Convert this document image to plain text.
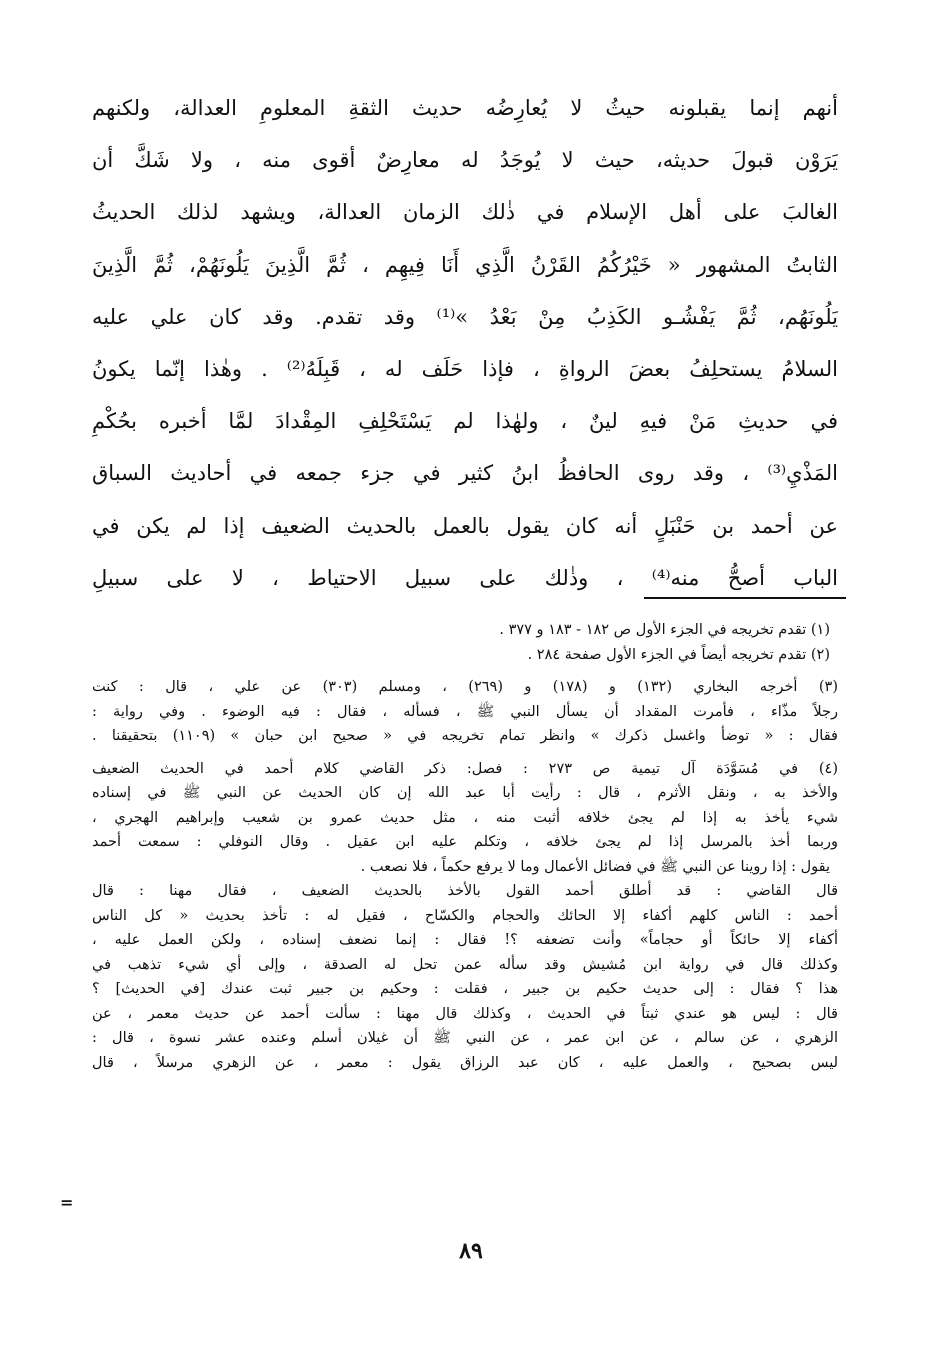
أنهم إنما يقبلونه حيثُ لا يُعارِضُه حديث الثقةِ المعلومِ العدالة، ولكنهم
يَرَوْن قبولَ حديثه، حيث لا يُوجَدُ له معارِضٌ أقوى منه ، ولا شَكَّ أن
الغالبَ على أهل الإسلام في ذٰلك الزمان العدالة، ويشهد لذلك الحديثُ
الثابتُ المشهور « خَيْرُكُمُ القَرْنُ الَّذِي أَنَا فِيهِم ، ثُمَّ الَّذِينَ يَلُونَهُمْ، ثُمَّ الَّذِينَ
يَلُونَهُم، ثُمَّ يَفْشُـو الكَذِبُ مِنْ بَعْدُ »⁽¹⁾ وقد تقدم. وقد كان علي عليه
السلامُ يستحلِفُ بعضَ الرواةِ ، فإذا حَلَف له ، قَبِلَهُ⁽²⁾ . وهٰذا إنّما يكونُ
في حديثِ مَنْ فيهِ لينٌ ، ولهٰذا لم يَسْتَحْلِفِ المِقْدادَ لمَّا أخبره بحُكْمِ
المَذْيِ⁽³⁾ ، وقد روى الحافظُ ابنُ كثير في جزء جمعه في أحاديث السباق
عن أحمد بن حَنْبَلٍ أنه كان يقول بالعمل بالحديث الضعيف إذا لم يكن في
الباب أصحُّ منه⁽⁴⁾ ، وذٰلك على سبيل الاحتياط ، لا على سبيلِ
(١) تقدم تخريجه في الجزء الأول ص ١٨٢ - ١٨٣ و ٣٧٧ .
(٢) تقدم تخريجه أيضاً في الجزء الأول صفحة ٢٨٤ .
(٣) أخرجه البخاري (١٣٢) و (١٧٨) و (٢٦٩) ، ومسلم (٣٠٣) عن علي ، قال : كنت
رجلاً مذّاء ، فأمرت المقداد أن يسأل النبي ﷺ ، فسأله ، فقال : فيه الوضوء . وفي رواية :
فقال : « توضأ واغسل ذكرك » وانظر تمام تخريجه في « صحيح ابن حبان » (١١٠٩) بتحقيقنا .
(٤) في مُسَوَّدَة آل تيمية ص ٢٧٣ : فصل: ذكر القاضي كلام أحمد في الحديث الضعيف
والأخذ به ، ونقل الأثرم ، قال : رأيت أبا عبد الله إن كان الحديث عن النبي ﷺ في إسناده
شيء يأخذ به إذا لم يجئ خلافه أثبت منه ، مثل حديث عمرو بن شعيب وإبراهيم الهجري ،
وربما أخذ بالمرسل إذا لم يجئ خلافه ، وتكلم عليه ابن عقيل . وقال النوفلي : سمعت أحمد
يقول : إذا روينا عن النبي ﷺ في فضائل الأعمال وما لا يرفع حكماً ، فلا نصعب .
قال القاضي : قد أطلق أحمد القول بالأخذ بالحديث الضعيف ، فقال مهنا : قال
أحمد : الناس كلهم أكفاء إلا الحائك والحجام والكسّاح ، فقيل له : تأخذ بحديث « كل الناس
أكفاء إلا حائكاً أو حجاماً» وأنت تضعفه ؟! فقال : إنما نضعف إسناده ، ولكن العمل عليه ،
وكذلك قال في رواية ابن مُشيش وقد سأله عمن تحل له الصدقة ، وإلى أي شيء تذهب في
هذا ؟ فقال : إلى حديث حكيم بن جبير ، فقلت : وحكيم بن جبير ثبت عندك [في الحديث] ؟
قال : ليس هو عندي ثبتاً في الحديث ، وكذلك قال مهنا : سألت أحمد عن حديث معمر ، عن
الزهري ، عن سالم ، عن ابن عمر ، عن النبي ﷺ أن غيلان أسلم وعنده عشر نسوة ، قال :
ليس بصحيح ، والعمل عليه ، كان عبد الرزاق يقول : معمر ، عن الزهري مرسلاً ، قال
=
٨٩
